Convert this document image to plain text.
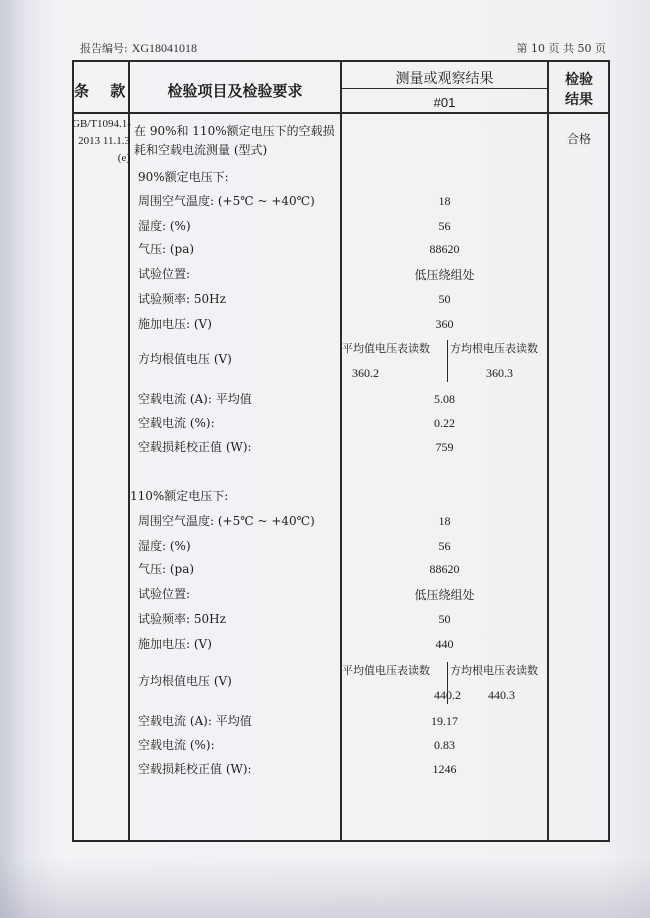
报告编号: XG18041018	第 10 页 共 50 页
条 款	检验项目及检验要求
测量或观察结果
#01
检验结果
GB/T1094.1-2013 11.1.3 (e)
在 90%和 110%额定电压下的空载损耗和空载电流测量 (型式)
合格
90%额定电压下:
周围空气温度: (+5℃ ~ +40℃)	18
湿度: (%)	56
气压: (pa)	88620
试验位置:	低压绕组处
试验频率: 50Hz	50
施加电压: (V)	360
方均根值电压 (V)
平均值电压表读数 方均根电压表读数
360.2	360.3
空载电流 (A): 平均值	5.08
空载电流 (%):	0.22
空载损耗校正值 (W):	759
110%额定电压下:
周围空气温度: (+5℃ ~ +40℃)	18
湿度: (%)	56
气压: (pa)	88620
试验位置:	低压绕组处
试验频率: 50Hz	50
施加电压: (V)	440
方均根值电压 (V)
平均值电压表读数 方均根电压表读数
440.2 440.3
空载电流 (A): 平均值	19.17
空载电流 (%):	0.83
空载损耗校正值 (W):	1246
